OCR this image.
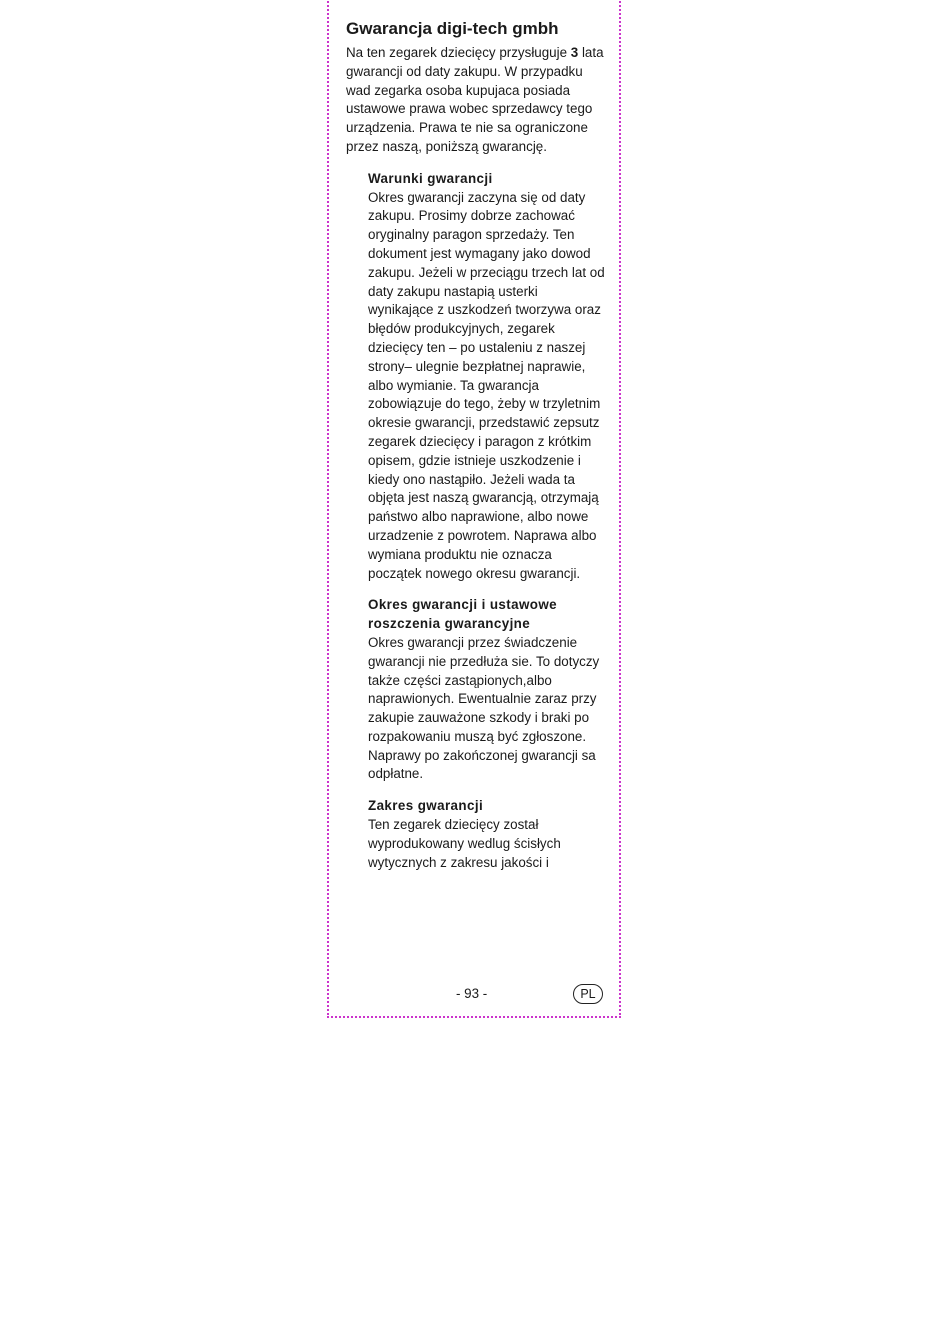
Gwarancja digi-tech gmbh

Na ten zegarek dziecięcy przysługuje 3 lata gwarancji od daty zakupu. W przypadku wad zegarka osoba kupujaca posiada ustawowe prawa wobec sprzedawcy tego urządzenia. Prawa te nie sa ograniczone przez naszą, poniższą gwarancję.

Warunki gwarancji

Okres gwarancji zaczyna się od daty zakupu. Prosimy dobrze zachować oryginalny paragon sprzedaży. Ten dokument jest wymagany jako dowod zakupu. Jeżeli w przeciągu trzech lat od daty zakupu nastapią usterki wynikające z uszkodzeń tworzywa oraz błędów produkcyjnych, zegarek dziecięcy ten – po ustaleniu z naszej strony– ulegnie bezpłatnej naprawie, albo wymianie. Ta gwarancja zobowiązuje do tego, żeby w trzyletnim okresie gwarancji, przedstawić zepsutz zegarek dziecięcy i paragon z krótkim opisem, gdzie istnieje uszkodzenie i kiedy ono nastąpiło. Jeżeli wada ta objęta jest naszą gwarancją, otrzymają państwo albo naprawione, albo nowe urzadzenie z powrotem. Naprawa albo wymiana produktu nie oznacza początek nowego okresu gwarancji.

Okres gwarancji i ustawowe roszczenia gwarancyjne

Okres gwarancji przez świadczenie gwarancji nie przedłuża sie. To dotyczy także części zastąpionych,albo naprawionych. Ewentualnie zaraz przy zakupie zauważone szkody i braki po rozpakowaniu muszą być zgłoszone. Naprawy po zakończonej gwarancji sa odpłatne.

Zakres gwarancji

Ten zegarek dziecięcy został wyprodukowany wedlug ścisłych wytycznych z zakresu jakości i

- 93 -	PL
